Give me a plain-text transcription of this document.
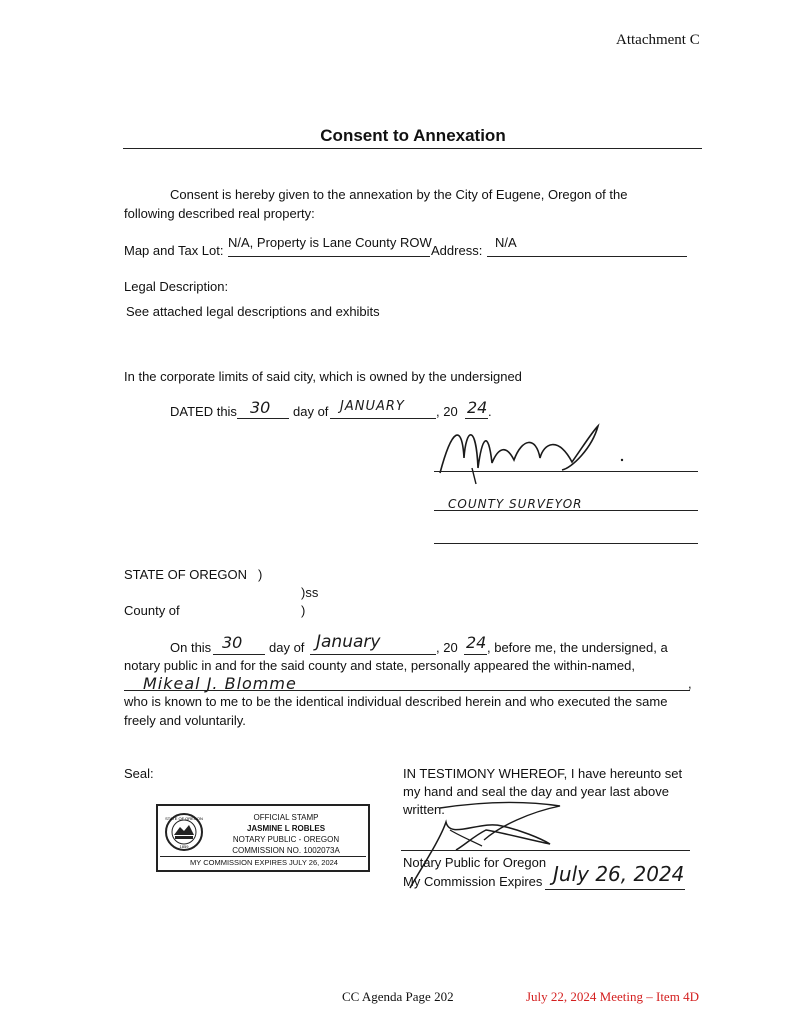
Attachment C
Consent to Annexation
Consent is hereby given to the annexation by the City of Eugene, Oregon of the
following described real property:
Map and Tax Lot:
N/A, Property is Lane County ROW
Address:
N/A
Legal Description:
See attached legal descriptions and exhibits
In the corporate limits of said city, which is owned by the undersigned
DATED this 30 day of JANUARY , 20 24 .
COUNTY SURVEYOR
STATE OF OREGON )
)ss
County of	)
On this 30 day of January	, 20 24 , before me, the undersigned, a
notary public in and for the said county and state, personally appeared the within-named,
Mikeal J. Blomme	,
who is known to me to be the identical individual described herein and who executed the same
freely and voluntarily.
Seal:
STATE OF OREGON
1859
OFFICIAL STAMP
JASMINE L ROBLES
NOTARY PUBLIC - OREGON
COMMISSION NO. 1002073A
MY COMMISSION EXPIRES JULY 26, 2024
IN TESTIMONY WHEREOF, I have hereunto set
my hand and seal the day and year last above
written.
Notary Public for Oregon
My Commission Expires July 26, 2024
CC Agenda Page 202	July 22, 2024 Meeting – Item 4D
